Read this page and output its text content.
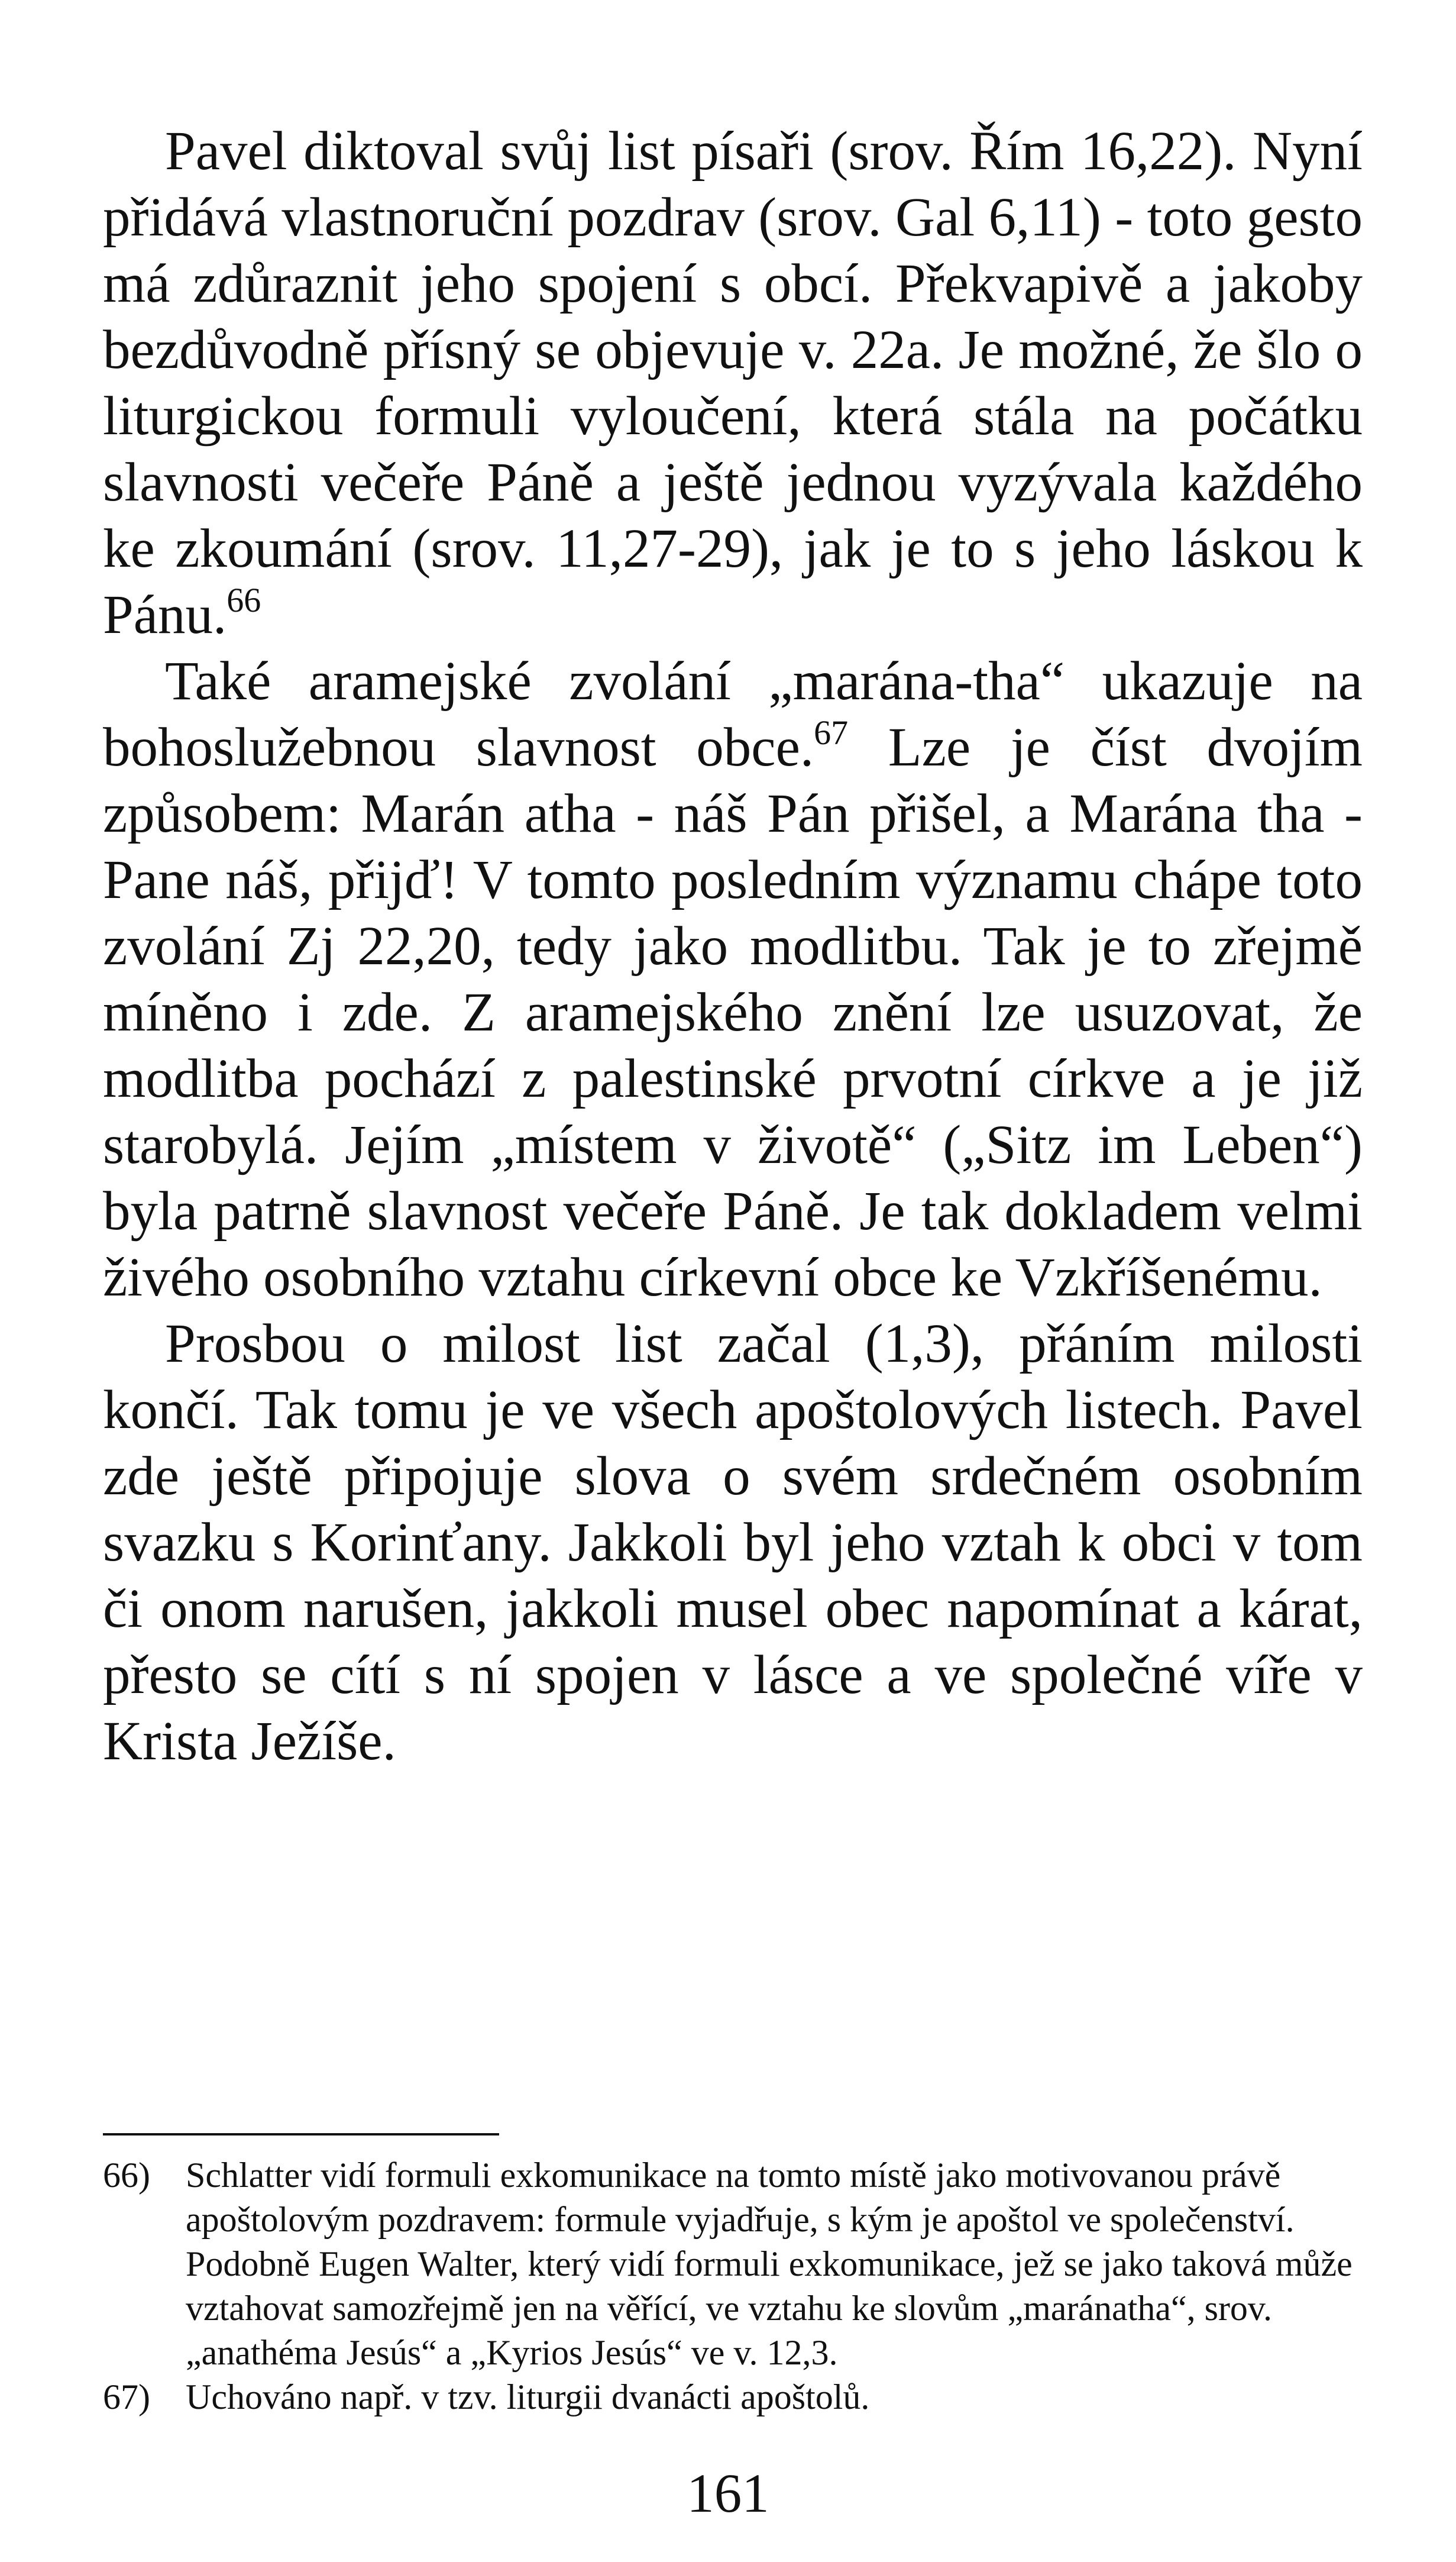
Pavel diktoval svůj list písaři (srov. Řím 16,22). Nyní přidává vlastnoruční pozdrav (srov. Gal 6,11) - toto gesto má zdůraznit jeho spojení s obcí. Překvapivě a jakoby bezdůvodně přísný se objevuje v. 22a. Je možné, že šlo o liturgickou formuli vyloučení, která stála na počátku slavnosti večeře Páně a ještě jednou vyzývala každého ke zkoumání (srov. 11,27-29), jak je to s jeho láskou k Pánu.$^{66}$

Také aramejské zvolání „marána-tha“ ukazuje na bohoslužebnou slavnost obce.$^{67}$ Lze je číst dvojím způsobem: Marán atha - náš Pán přišel, a Marána tha - Pane náš, přijď! V tomto posledním významu chápe toto zvolání Zj 22,20, tedy jako modlitbu. Tak je to zřejmě míněno i zde. Z aramejského znění lze usuzovat, že modlitba pochází z palestinské prvotní církve a je již starobylá. Jejím „místem v životě“ („Sitz im Leben“) byla patrně slavnost večeře Páně. Je tak dokladem velmi živého osobního vztahu církevní obce ke Vzkříšenému.

Prosbou o milost list začal (1,3), přáním milosti končí. Tak tomu je ve všech apoštolových listech. Pavel zde ještě připojuje slova o svém srdečném osobním svazku s Korinťany. Jakkoli byl jeho vztah k obci v tom či onom narušen, jakkoli musel obec napomínat a kárat, přesto se cítí s ní spojen v lásce a ve společné víře v Krista Ježíše.

66)	Schlatter vidí formuli exkomunikace na tomto místě jako motivovanou právě apoštolovým pozdravem: formule vyjadřuje, s kým je apoštol ve společenství. Podobně Eugen Walter, který vidí formuli exkomunikace, jež se jako taková může vztahovat samozřejmě jen na věřící, ve vztahu ke slovům „maránatha“, srov. „anathéma Jesús“ a „Kyrios Jesús“ ve v. 12,3.
67)	Uchováno např. v tzv. liturgii dvanácti apoštolů.
161
